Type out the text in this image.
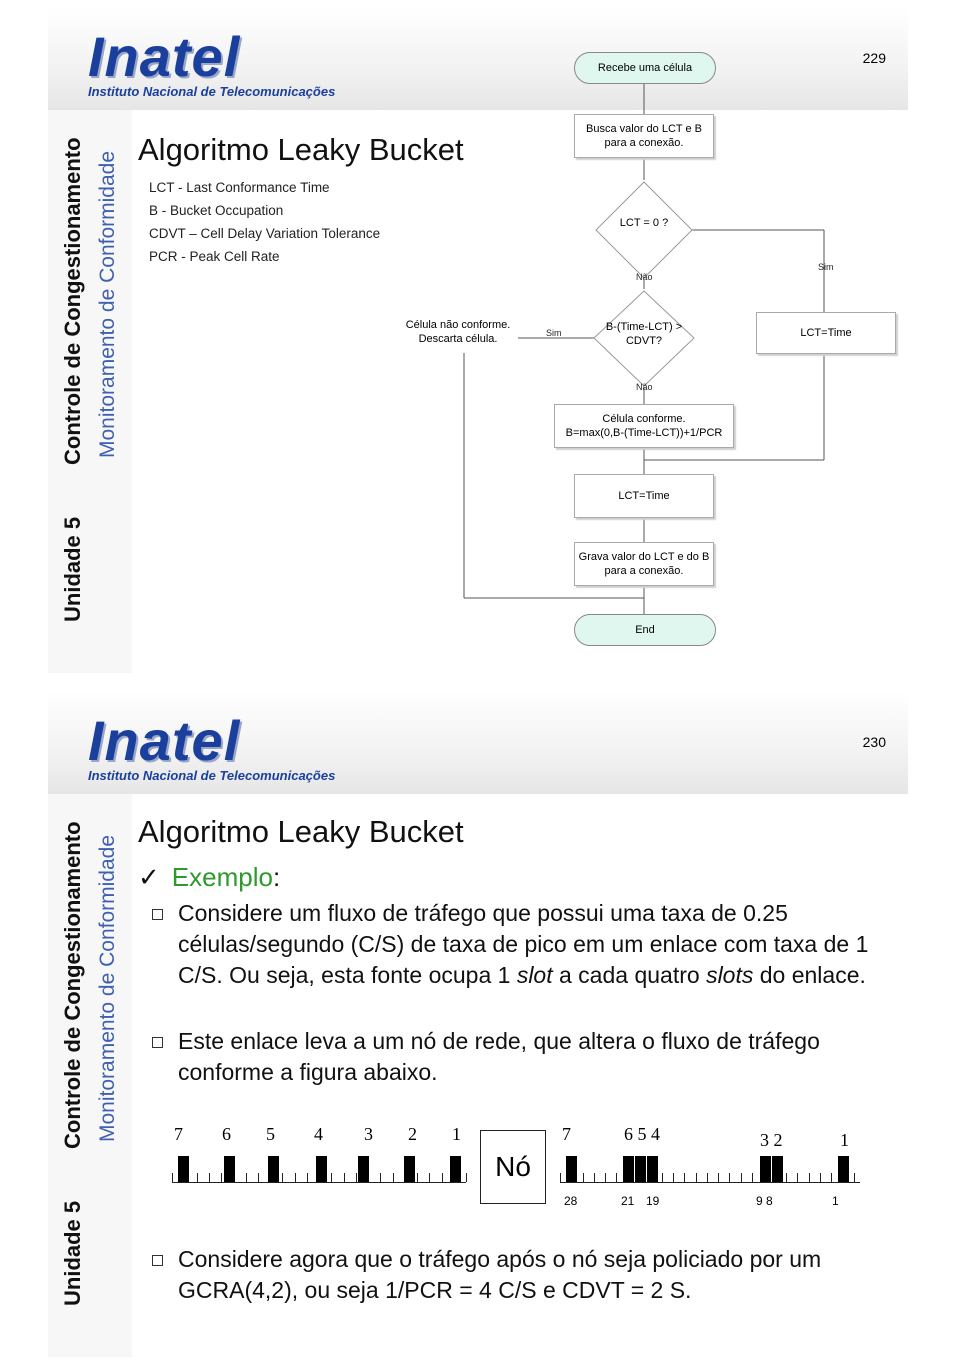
Inatel
Instituto Nacional de Telecomunicações
229
Unidade 5
Controle de Congestionamento Monitoramento de Conformidade
Algoritmo Leaky Bucket
LCT - Last Conformance Time
B - Bucket Occupation
CDVT – Cell Delay Variation Tolerance
PCR - Peak Cell Rate
Recebe uma célula
Busca valor do LCT e B
para a conexão.
LCT = 0 ?
Não
Sim
B-(Time-LCT) >
CDVT?
Sim
Não
Célula não conforme.
Descarta célula.	LCT=Time
Célula conforme.
B=max(0,B-(Time-LCT))+1/PCR
LCT=Time
Grava valor do LCT e do B
para a conexão.
End
Inatel
Instituto Nacional de Telecomunicações
230
Unidade 5
Controle de Congestionamento Monitoramento de Conformidade
Algoritmo Leaky Bucket
✓ Exemplo:
Considere um fluxo de tráfego que possui uma taxa de 0.25 células/segundo (C/S) de taxa de pico em um enlace com taxa de 1 C/S. Ou seja, esta fonte ocupa 1 slot a cada quatro slots do enlace.
Este enlace leva a um nó de rede, que altera o fluxo de tráfego conforme a figura abaixo.
7 6 5 4 3 2 1	7	6 5 4	3 2	1
28	21 19	9 8	1
Nó
Considere agora que o tráfego após o nó seja policiado por um GCRA(4,2), ou seja 1/PCR = 4 C/S e CDVT = 2 S.
